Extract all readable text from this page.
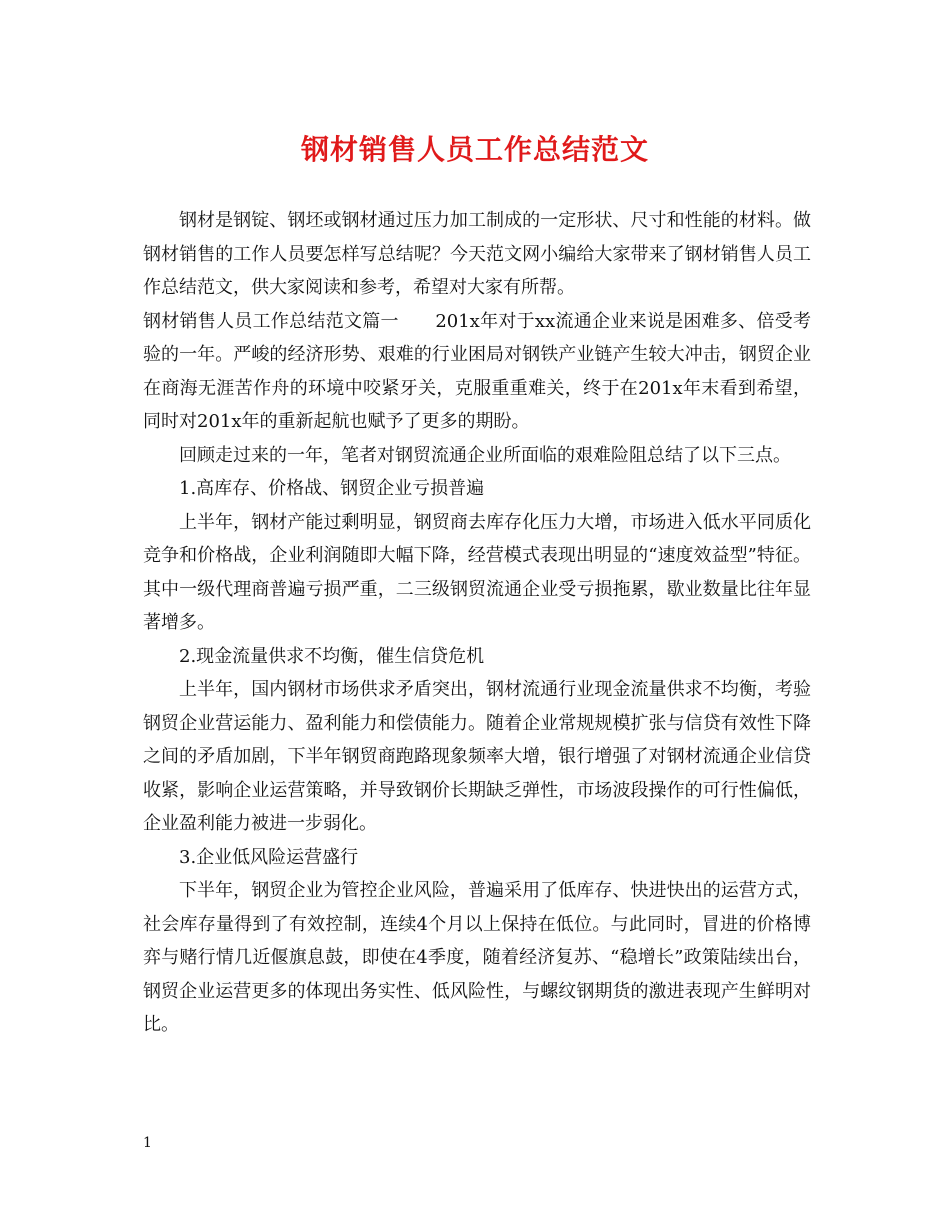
钢材销售人员工作总结范文

钢材是钢锭、钢坯或钢材通过压力加工制成的一定形状、尺寸和性能的材料。做钢材销售的工作人员要怎样写总结呢？今天范文网小编给大家带来了钢材销售人员工作总结范文，供大家阅读和参考，希望对大家有所帮。

钢材销售人员工作总结范文篇一　　201x年对于xx流通企业来说是困难多、倍受考验的一年。严峻的经济形势、艰难的行业困局对钢铁产业链产生较大冲击，钢贸企业在商海无涯苦作舟的环境中咬紧牙关，克服重重难关，终于在201x年末看到希望，同时对201x年的重新起航也赋予了更多的期盼。

回顾走过来的一年，笔者对钢贸流通企业所面临的艰难险阻总结了以下三点。

1.高库存、价格战、钢贸企业亏损普遍

上半年，钢材产能过剩明显，钢贸商去库存化压力大增，市场进入低水平同质化竞争和价格战，企业利润随即大幅下降，经营模式表现出明显的“速度效益型”特征。其中一级代理商普遍亏损严重，二三级钢贸流通企业受亏损拖累，歇业数量比往年显著增多。

2.现金流量供求不均衡，催生信贷危机

上半年，国内钢材市场供求矛盾突出，钢材流通行业现金流量供求不均衡，考验钢贸企业营运能力、盈利能力和偿债能力。随着企业常规规模扩张与信贷有效性下降之间的矛盾加剧，下半年钢贸商跑路现象频率大增，银行增强了对钢材流通企业信贷收紧，影响企业运营策略，并导致钢价长期缺乏弹性，市场波段操作的可行性偏低，企业盈利能力被进一步弱化。

3.企业低风险运营盛行

下半年，钢贸企业为管控企业风险，普遍采用了低库存、快进快出的运营方式，社会库存量得到了有效控制，连续4个月以上保持在低位。与此同时，冒进的价格博弈与赌行情几近偃旗息鼓，即使在4季度，随着经济复苏、“稳增长”政策陆续出台，钢贸企业运营更多的体现出务实性、低风险性，与螺纹钢期货的激进表现产生鲜明对比。

1
